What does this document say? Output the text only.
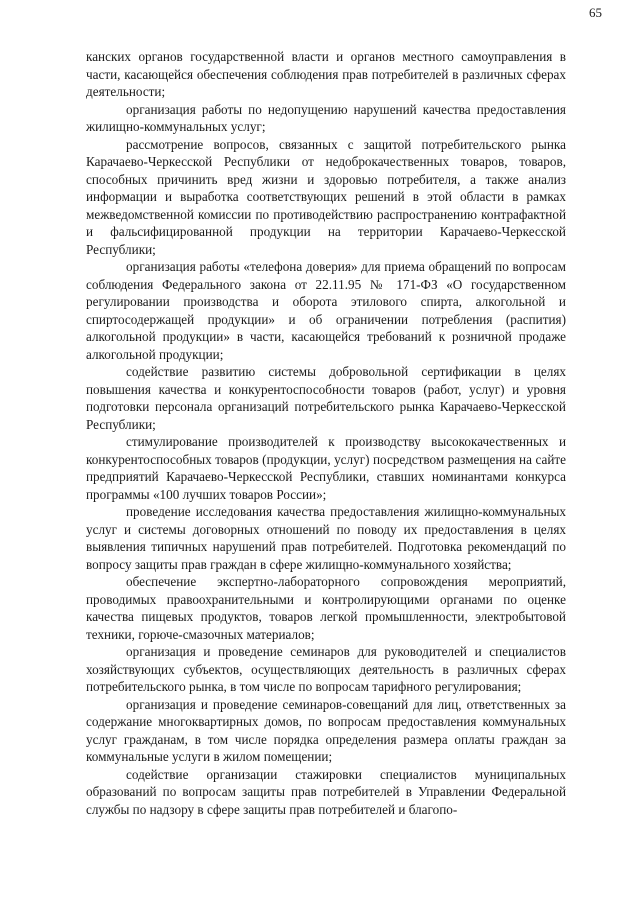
65

канских органов государственной власти и органов местного самоуправления в части, касающейся обеспечения соблюдения прав потребителей в различных сферах деятельности;

организация работы по недопущению нарушений качества предоставления жилищно-коммунальных услуг;

рассмотрение вопросов, связанных с защитой потребительского рынка Карачаево-Черкесской Республики от недоброкачественных товаров, товаров, способных причинить вред жизни и здоровью потребителя, а также анализ информации и выработка соответствующих решений в этой области в рамках межведомственной комиссии по противодействию распространению контрафактной и фальсифицированной продукции на территории Карачаево-Черкесской Республики;

организация работы «телефона доверия» для приема обращений по вопросам соблюдения Федерального закона от 22.11.95 № 171-ФЗ «О государственном регулировании производства и оборота этилового спирта, алкогольной и спиртосодержащей продукции» и об ограничении потребления (распития) алкогольной продукции» в части, касающейся требований к розничной продаже алкогольной продукции;

содействие развитию системы добровольной сертификации в целях повышения качества и конкурентоспособности товаров (работ, услуг) и уровня подготовки персонала организаций потребительского рынка Карачаево-Черкесской Республики;

стимулирование производителей к производству высококачественных и конкурентоспособных товаров (продукции, услуг) посредством размещения на сайте предприятий Карачаево-Черкесской Республики, ставших номинантами конкурса программы «100 лучших товаров России»;

проведение исследования качества предоставления жилищно-коммунальных услуг и системы договорных отношений по поводу их предоставления в целях выявления типичных нарушений прав потребителей. Подготовка рекомендаций по вопросу защиты прав граждан в сфере жилищно-коммунального хозяйства;

обеспечение экспертно-лабораторного сопровождения мероприятий, проводимых правоохранительными и контролирующими органами по оценке качества пищевых продуктов, товаров легкой промышленности, электробытовой техники, горюче-смазочных материалов;

организация и проведение семинаров для руководителей и специалистов хозяйствующих субъектов, осуществляющих деятельность в различных сферах потребительского рынка, в том числе по вопросам тарифного регулирования;

организация и проведение семинаров-совещаний для лиц, ответственных за содержание многоквартирных домов, по вопросам предоставления коммунальных услуг гражданам, в том числе порядка определения размера оплаты граждан за коммунальные услуги в жилом помещении;

содействие организации стажировки специалистов муниципальных образований по вопросам защиты прав потребителей в Управлении Федеральной службы по надзору в сфере защиты прав потребителей и благопо-
